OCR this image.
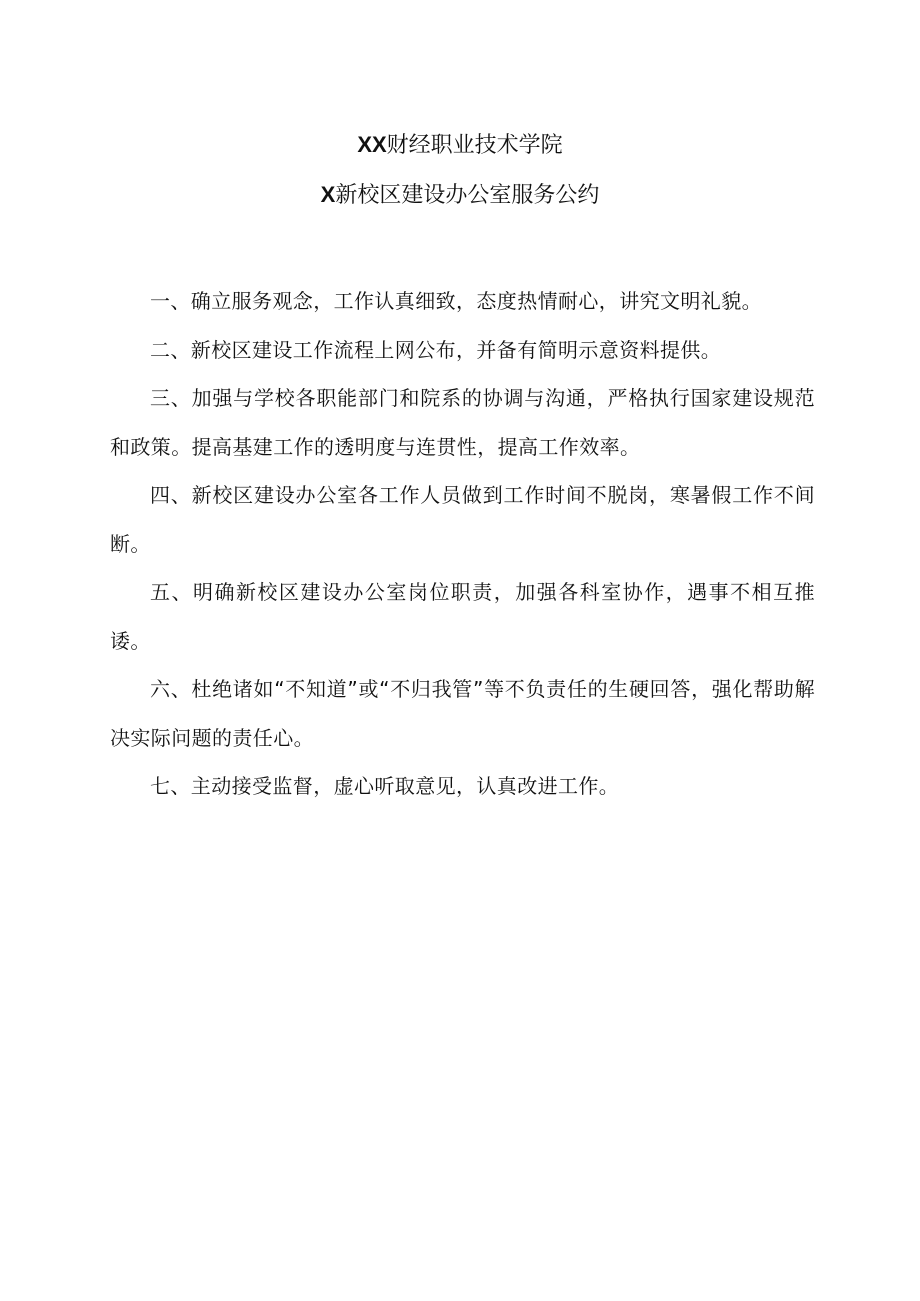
XX财经职业技术学院
X新校区建设办公室服务公约

一、确立服务观念，工作认真细致，态度热情耐心，讲究文明礼貌。

二、新校区建设工作流程上网公布，并备有简明示意资料提供。

三、加强与学校各职能部门和院系的协调与沟通，严格执行国家建设规范和政策。提高基建工作的透明度与连贯性，提高工作效率。

四、新校区建设办公室各工作人员做到工作时间不脱岗，寒暑假工作不间断。

五、明确新校区建设办公室岗位职责，加强各科室协作，遇事不相互推诿。

六、杜绝诸如“不知道”或“不归我管”等不负责任的生硬回答，强化帮助解决实际问题的责任心。

七、主动接受监督，虚心听取意见，认真改进工作。
